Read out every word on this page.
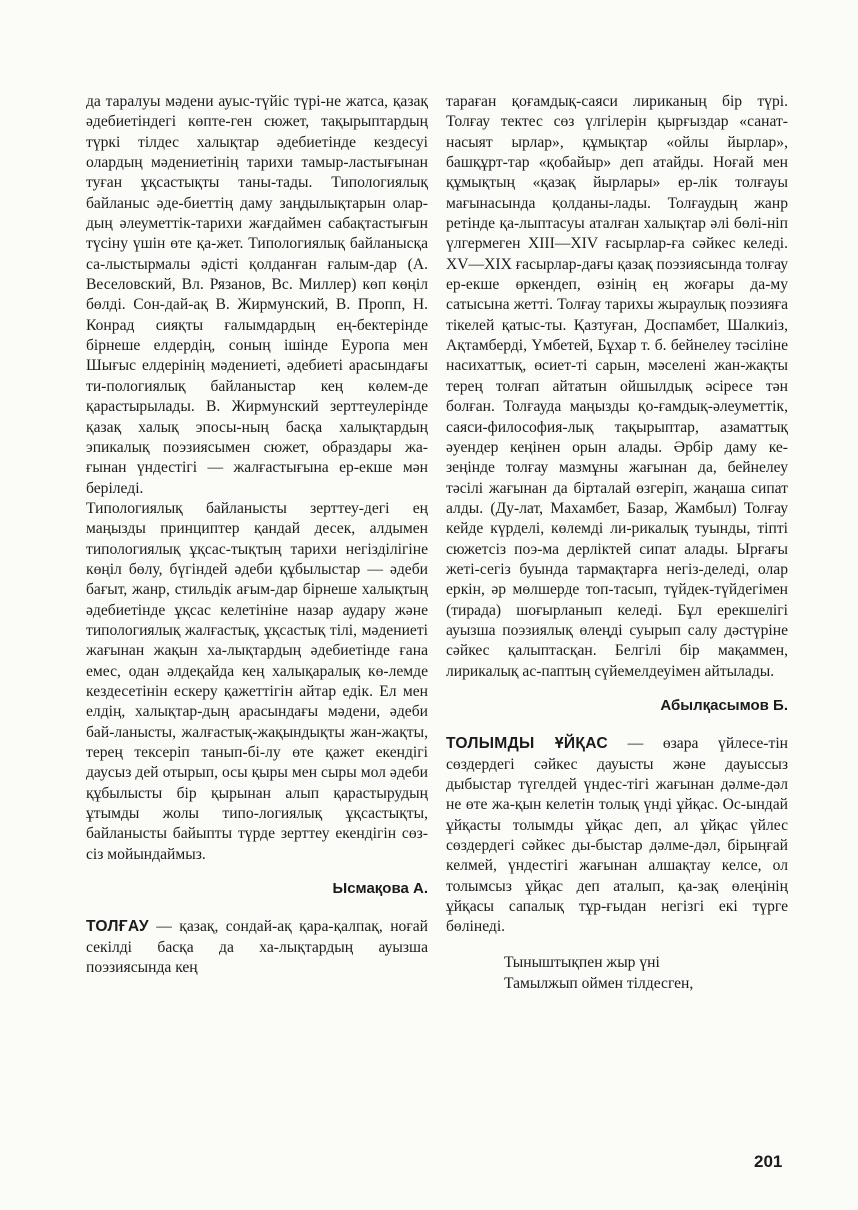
да таралуы мәдени ауыс-түйіс түрі-не жатса, қазақ әдебиетіндегі көпте-ген сюжет, тақырыптардың түркі тілдес халықтар әдебиетінде кездесуі олардың мәдениетінің тарихи тамыр-ластығынан туған ұқсастықты таны-тады. Типологиялық байланыс әде-биеттің даму заңдылықтарын олар-дың әлеуметтік-тарихи жағдаймен сабақтастығын түсіну үшін өте қа-жет. Типологиялық байланысқа са-лыстырмалы әдісті қолданған ғалым-дар (А. Веселовский, Вл. Рязанов, Вс. Миллер) көп көңіл бөлді. Сон-дай-ақ В. Жирмунский, В. Пропп, Н. Конрад сияқты ғалымдардың ең-бектерінде бірнеше елдердің, соның ішінде Еуропа мен Шығыс елдерінің мәдениеті, әдебиеті арасындағы ти-пологиялық байланыстар кең көлем-де қарастырылады. В. Жирмунский зерттеулерінде қазақ халық эпосы-ның басқа халықтардың эпикалық поэзиясымен сюжет, образдары жа-ғынан үндестігі — жалғастығына ер-екше мән беріледі.

Типологиялық байланысты зерттеу-дегі ең маңызды принциптер қандай десек, алдымен типологиялық ұқсас-тықтың тарихи негізділігіне көңіл бөлу, бүгіндей әдеби құбылыстар — әдеби бағыт, жанр, стильдік ағым-дар бірнеше халықтың әдебиетінде ұқсас келетініне назар аудару және типологиялық жалғастық, ұқсастық тілі, мәдениеті жағынан жақын ха-лықтардың әдебиетінде ғана емес, одан әлдеқайда кең халықаралық кө-лемде кездесетінін ескеру қажеттігін айтар едік. Ел мен елдің, халықтар-дың арасындағы мәдени, әдеби бай-ланысты, жалғастық-жақындықты жан-жақты, терең тексеріп танып-бі-лу өте қажет екендігі даусыз дей отырып, осы қыры мен сыры мол әдеби құбылысты бір қырынан алып қарастырудың ұтымды жолы типо-логиялық ұқсастықты, байланысты байыпты түрде зерттеу екендігін сөз-сіз мойындаймыз.

Ысмақова А.

ТОЛҒАУ — қазақ, сондай-ақ қара-қалпақ, ноғай секілді басқа да ха-лықтардың ауызша поэзиясында кең

тараған қоғамдық-саяси лириканың бір түрі. Толғау тектес сөз үлгілерін қырғыздар «санат-насыят ырлар», құмықтар «ойлы йырлар», башқұрт-тар «қобайыр» деп атайды. Ноғай мен құмықтың «қазақ йырлары» ер-лік толғауы мағынасында қолданы-лады. Толғаудың жанр ретінде қа-лыптасуы аталған халықтар әлі бөлі-ніп үлгермеген XIII—XIV ғасырлар-ға сәйкес келеді. XV—XIX ғасырлар-дағы қазақ поэзиясында толғау ер-екше өркендеп, өзінің ең жоғары да-му сатысына жетті. Толғау тарихы жыраулық поэзияға тікелей қатыс-ты. Қазтуған, Доспамбет, Шалкиіз, Ақтамберді, Үмбетей, Бұхар т. б. бейнелеу тәсіліне насихаттық, өсиет-ті сарын, мәселені жан-жақты терең толғап айтатын ойшылдық әсіресе тән болған. Толғауда маңызды қо-ғамдық-әлеуметтік, саяси-философия-лық тақырыптар, азаматтық әуендер кеңінен орын алады. Әрбір даму ке-зеңінде толғау мазмұны жағынан да, бейнелеу тәсілі жағынан да бірталай өзгеріп, жаңаша сипат алды. (Ду-лат, Махамбет, Базар, Жамбыл) Толғау кейде күрделі, көлемді ли-рикалық туынды, тіпті сюжетсіз поэ-ма дерліктей сипат алады. Ырғағы жеті-сегіз буында тармақтарға негіз-деледі, олар еркін, әр мөлшерде топ-тасып, түйдек-түйдегімен (тирада) шоғырланып келеді. Бұл ерекшелігі ауызша поэзиялық өлеңді суырып салу дәстүріне сәйкес қалыптасқан. Белгілі бір мақаммен, лирикалық ас-паптың сүйемелдеуімен айтылады.

Абылқасымов Б.

ТОЛЫМДЫ ҰЙҚАС — өзара үйлесе-тін сөздердегі сәйкес дауысты және дауыссыз дыбыстар түгелдей үндес-тігі жағынан дәлме-дәл не өте жа-қын келетін толық үнді ұйқас. Ос-ындай ұйқасты толымды ұйқас деп, ал ұйқас үйлес сөздердегі сәйкес ды-быстар дәлме-дәл, бірыңғай келмей, үндестігі жағынан алшақтау келсе, ол толымсыз ұйқас деп аталып, қа-зақ өлеңінің ұйқасы сапалық тұр-ғыдан негізгі екі түрге бөлінеді.

Тыныштықпен жыр үні
Тамылжып оймен тілдесген,
201
